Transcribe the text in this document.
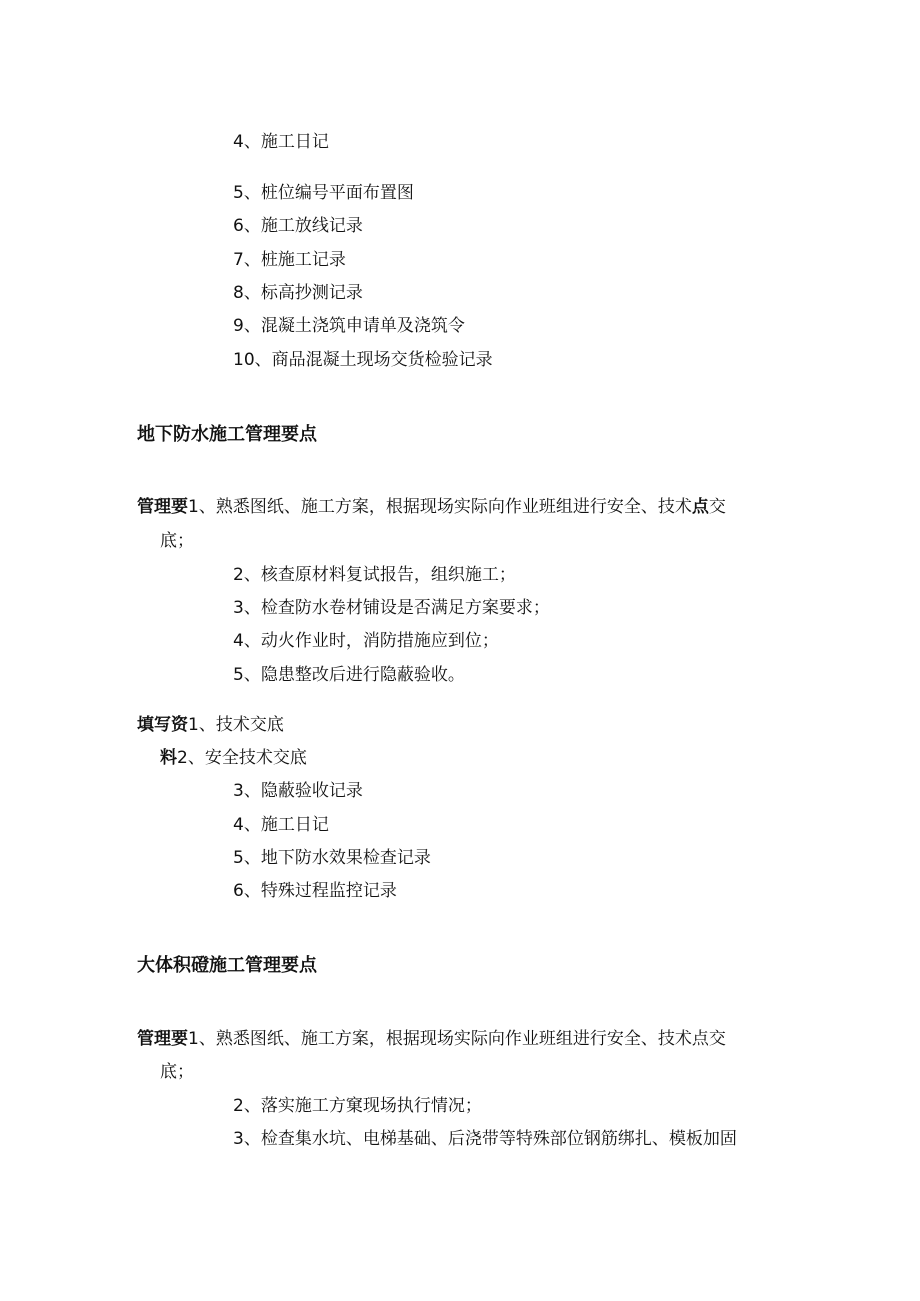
4、施工日记
5、桩位编号平面布置图
6、施工放线记录
7、桩施工记录
8、标高抄测记录
9、混凝土浇筑申请单及浇筑令
10、商品混凝土现场交货检验记录
地下防水施工管理要点
管理要1、熟悉图纸、施工方案，根据现场实际向作业班组进行安全、技术点交
底；
2、核查原材料复试报告，组织施工；
3、检查防水卷材铺设是否满足方案要求；
4、动火作业时，消防措施应到位；
5、隐患整改后进行隐蔽验收。
填写资1、技术交底
料2、安全技术交底
3、隐蔽验收记录
4、施工日记
5、地下防水效果检查记录
6、特殊过程监控记录
大体积磴施工管理要点
管理要1、熟悉图纸、施工方案，根据现场实际向作业班组进行安全、技术点交
底；
2、落实施工方窠现场执行情况；
3、检查集水坑、电梯基础、后浇带等特殊部位钢筋绑扎、模板加固
